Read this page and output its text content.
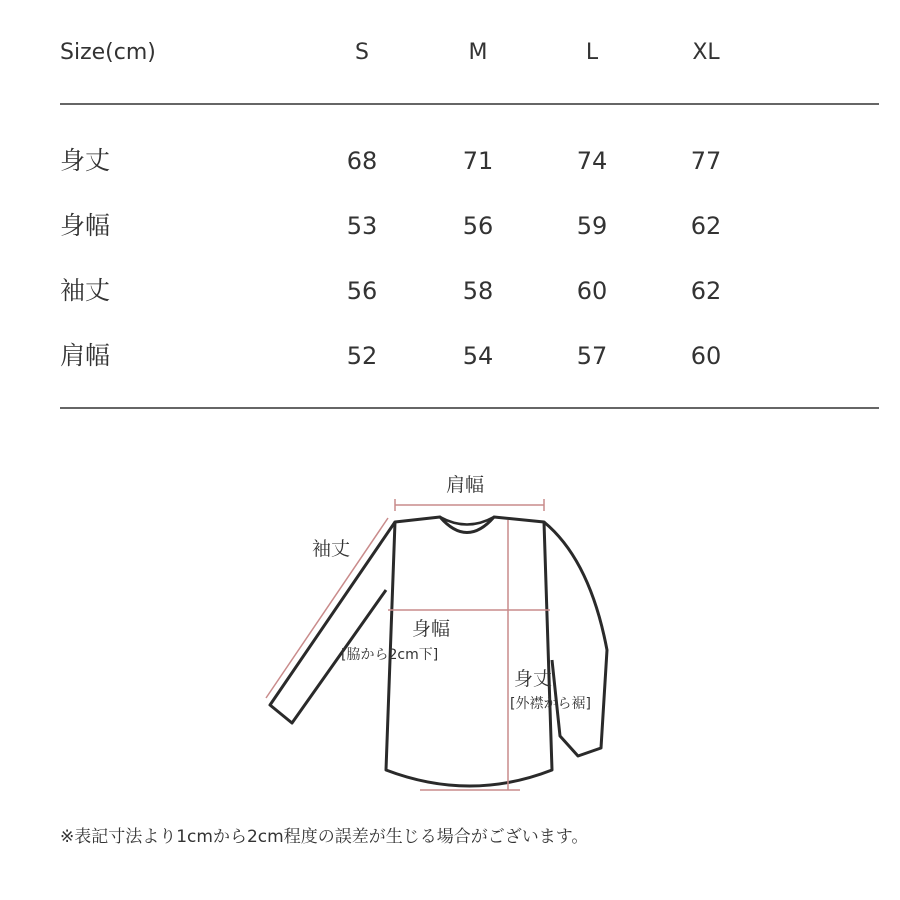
Size(cm)	S	M	L	XL
身丈	68	71	74	77
身幅	53	56	59	62
袖丈	56	58	60	62
肩幅	52	54	57	60
肩幅
袖丈
身幅
[脇から2cm下]
身丈
[外襟から裾]
※表記寸法より1cmから2cm程度の誤差が生じる場合がございます。
